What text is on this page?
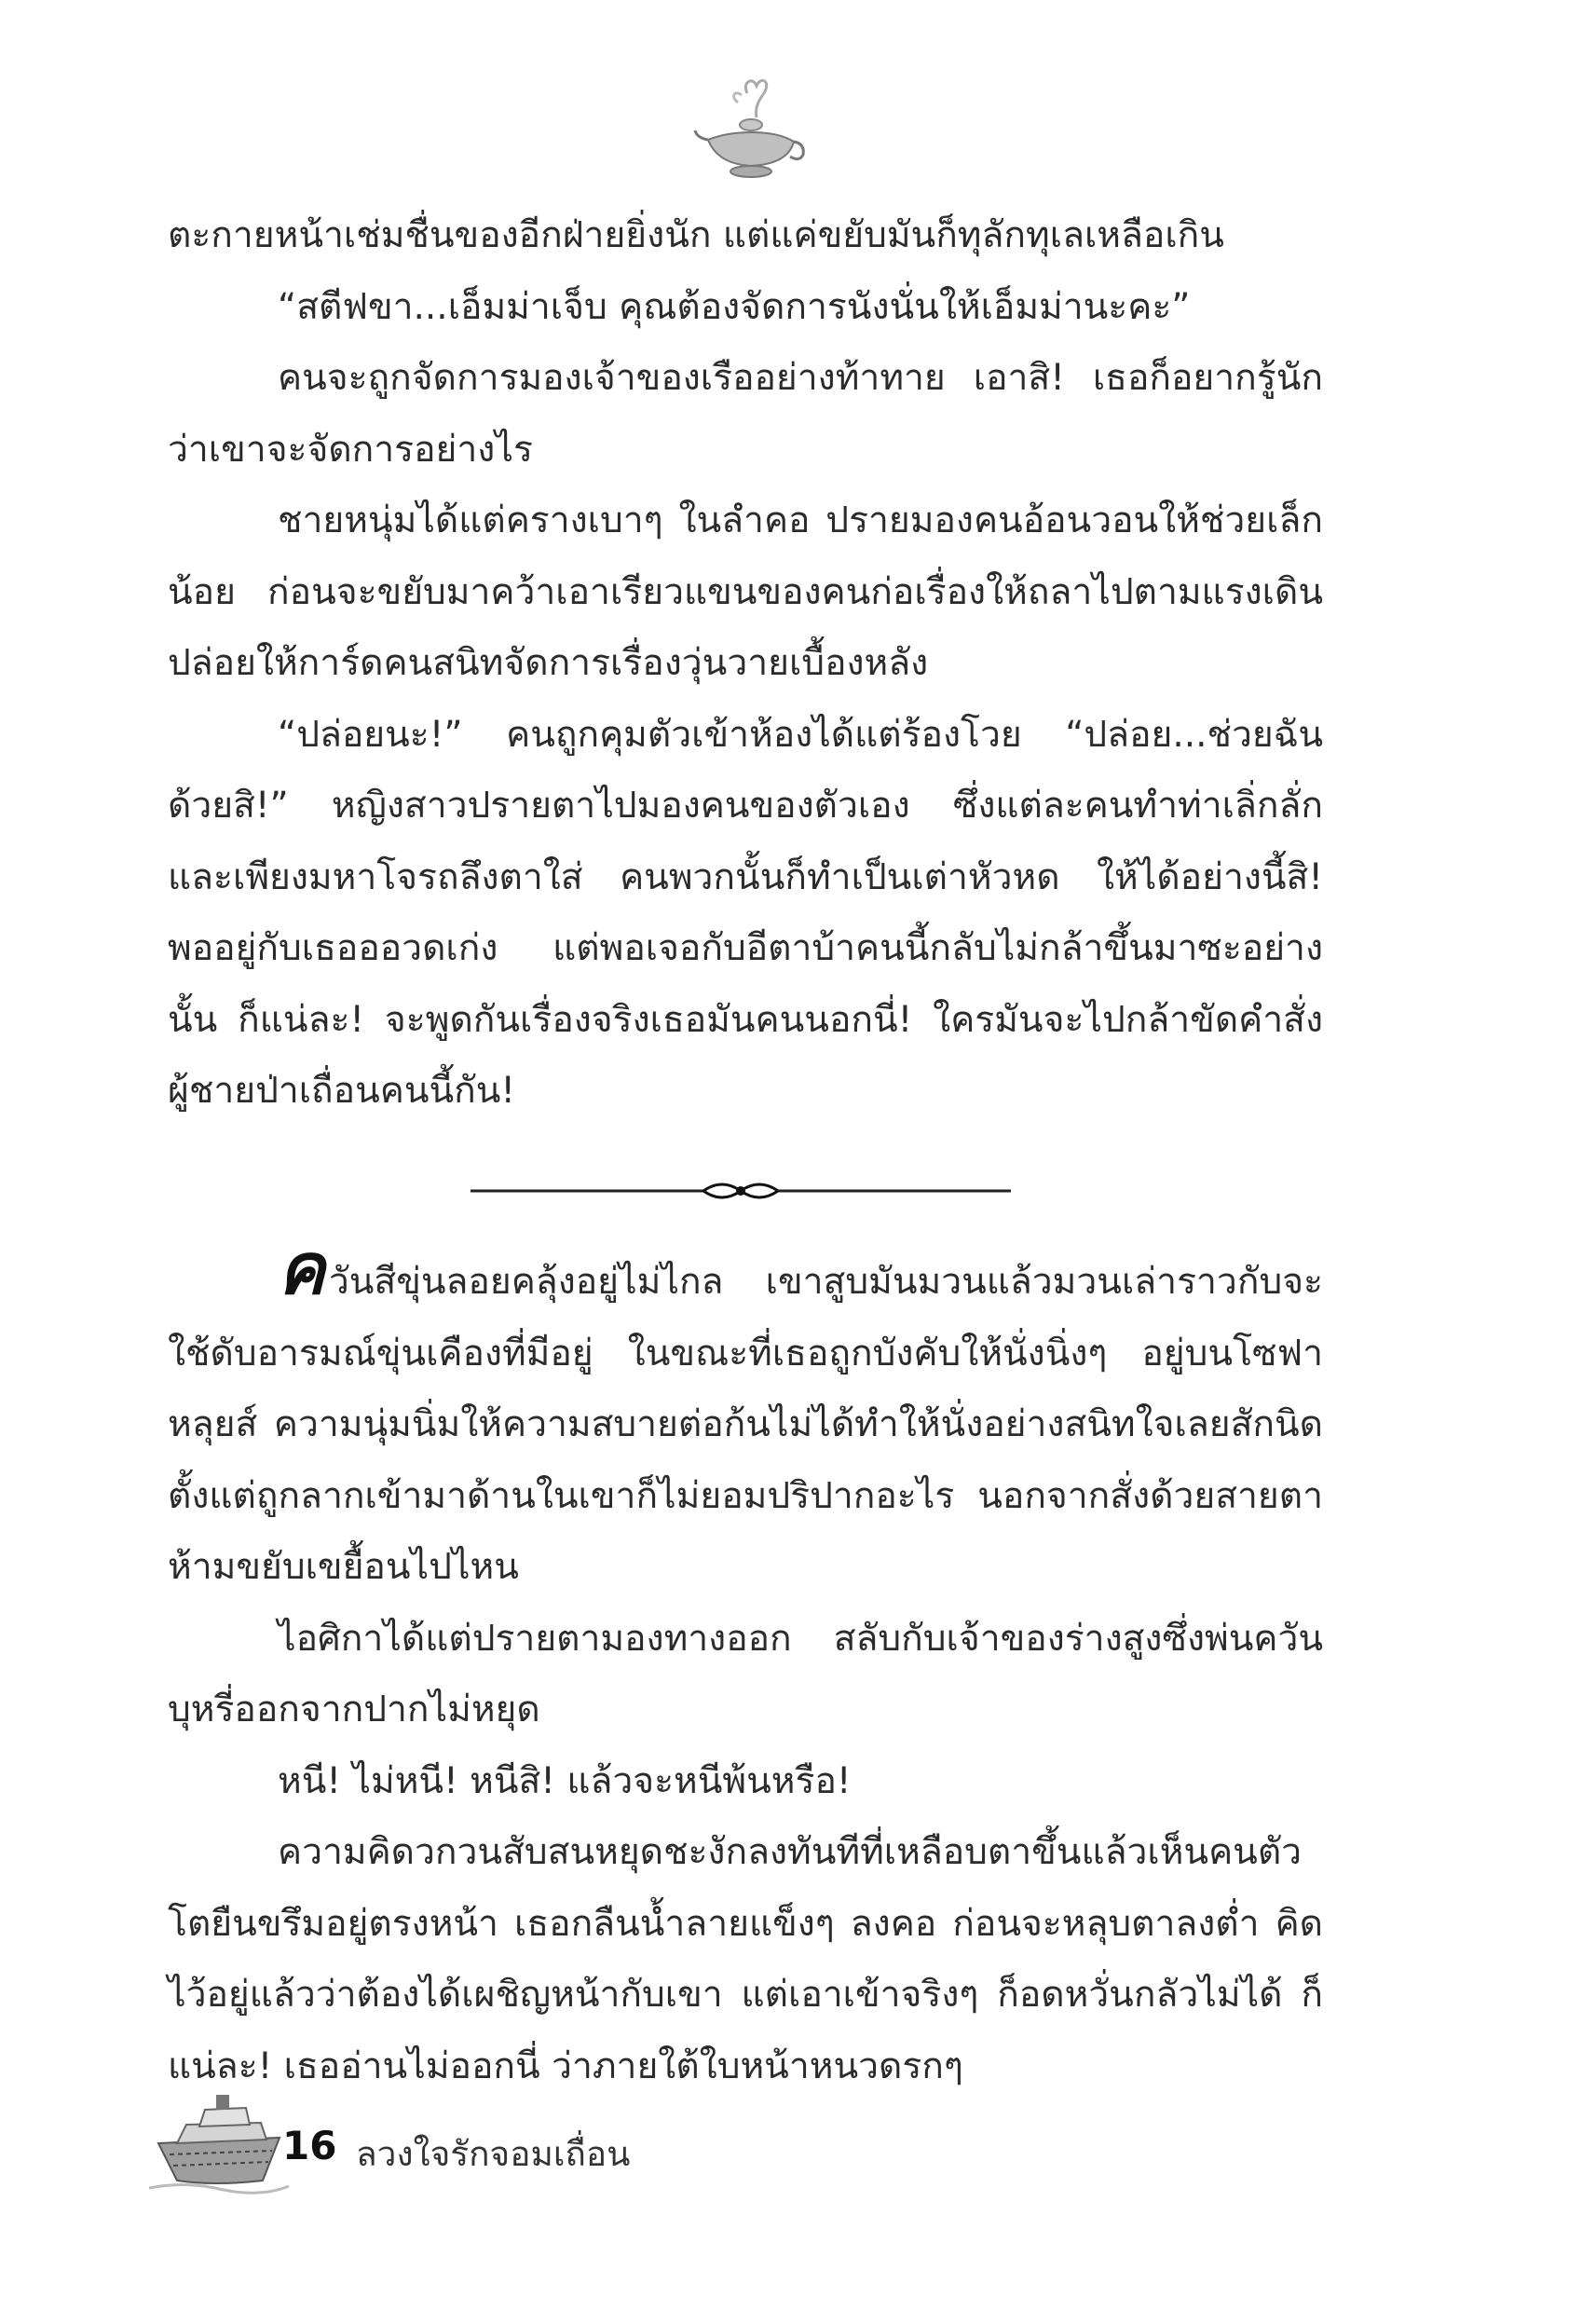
ตะกายหน้าเช่มชื่นของอีกฝ่ายยิ่งนัก แต่แค่ขยับมันก็ทุลักทุเลเหลือเกิน

“สตีฟขา...เอ็มม่าเจ็บ คุณต้องจัดการนังนั่นให้เอ็มม่านะคะ”

คนจะถูกจัดการมองเจ้าของเรืออย่างท้าทาย เอาสิ! เธอก็อยากรู้นักว่าเขาจะจัดการอย่างไร

ชายหนุ่มได้แต่ครางเบาๆ ในลำคอ ปรายมองคนอ้อนวอนให้ช่วยเล็กน้อย ก่อนจะขยับมาคว้าเอาเรียวแขนของคนก่อเรื่องให้ถลาไปตามแรงเดิน ปล่อยให้การ์ดคนสนิทจัดการเรื่องวุ่นวายเบื้องหลัง

“ปล่อยนะ!” คนถูกคุมตัวเข้าห้องได้แต่ร้องโวย “ปล่อย...ช่วยฉันด้วยสิ!” หญิงสาวปรายตาไปมองคนของตัวเอง ซึ่งแต่ละคนทำท่าเลิ่กลั่กและเพียงมหาโจรถลึงตาใส่ คนพวกนั้นก็ทำเป็นเต่าหัวหด ให้ได้อย่างนี้สิ! พออยู่กับเธอออวดเก่ง แต่พอเจอกับอีตาบ้าคนนี้กลับไม่กล้าขึ้นมาซะอย่างนั้น ก็แน่ละ! จะพูดกันเรื่องจริงเธอมันคนนอกนี่! ใครมันจะไปกล้าขัดคำสั่งผู้ชายป่าเถื่อนคนนี้กัน!

ควันสีขุ่นลอยคลุ้งอยู่ไม่ไกล เขาสูบมันมวนแล้วมวนเล่าราวกับจะใช้ดับอารมณ์ขุ่นเคืองที่มีอยู่ ในขณะที่เธอถูกบังคับให้นั่งนิ่งๆ อยู่บนโซฟาหลุยส์ ความนุ่มนิ่มให้ความสบายต่อก้นไม่ได้ทำให้นั่งอย่างสนิทใจเลยสักนิด ตั้งแต่ถูกลากเข้ามาด้านในเขาก็ไม่ยอมปริปากอะไร นอกจากสั่งด้วยสายตาห้ามขยับเขยื้อนไปไหน

ไอศิกาได้แต่ปรายตามองทางออก สลับกับเจ้าของร่างสูงซึ่งพ่นควันบุหรี่ออกจากปากไม่หยุด

หนี! ไม่หนี! หนีสิ! แล้วจะหนีพ้นหรือ!

ความคิดวกวนสับสนหยุดชะงักลงทันทีที่เหลือบตาขึ้นแล้วเห็นคนตัวโตยืนขรึมอยู่ตรงหน้า เธอกลืนน้ำลายแข็งๆ ลงคอ ก่อนจะหลุบตาลงต่ำ คิดไว้อยู่แล้วว่าต้องได้เผชิญหน้ากับเขา แต่เอาเข้าจริงๆ ก็อดหวั่นกลัวไม่ได้ ก็แน่ละ! เธออ่านไม่ออกนี่ ว่าภายใต้ใบหน้าหนวดรกๆ

16 ลวงใจรักจอมเถื่อน
